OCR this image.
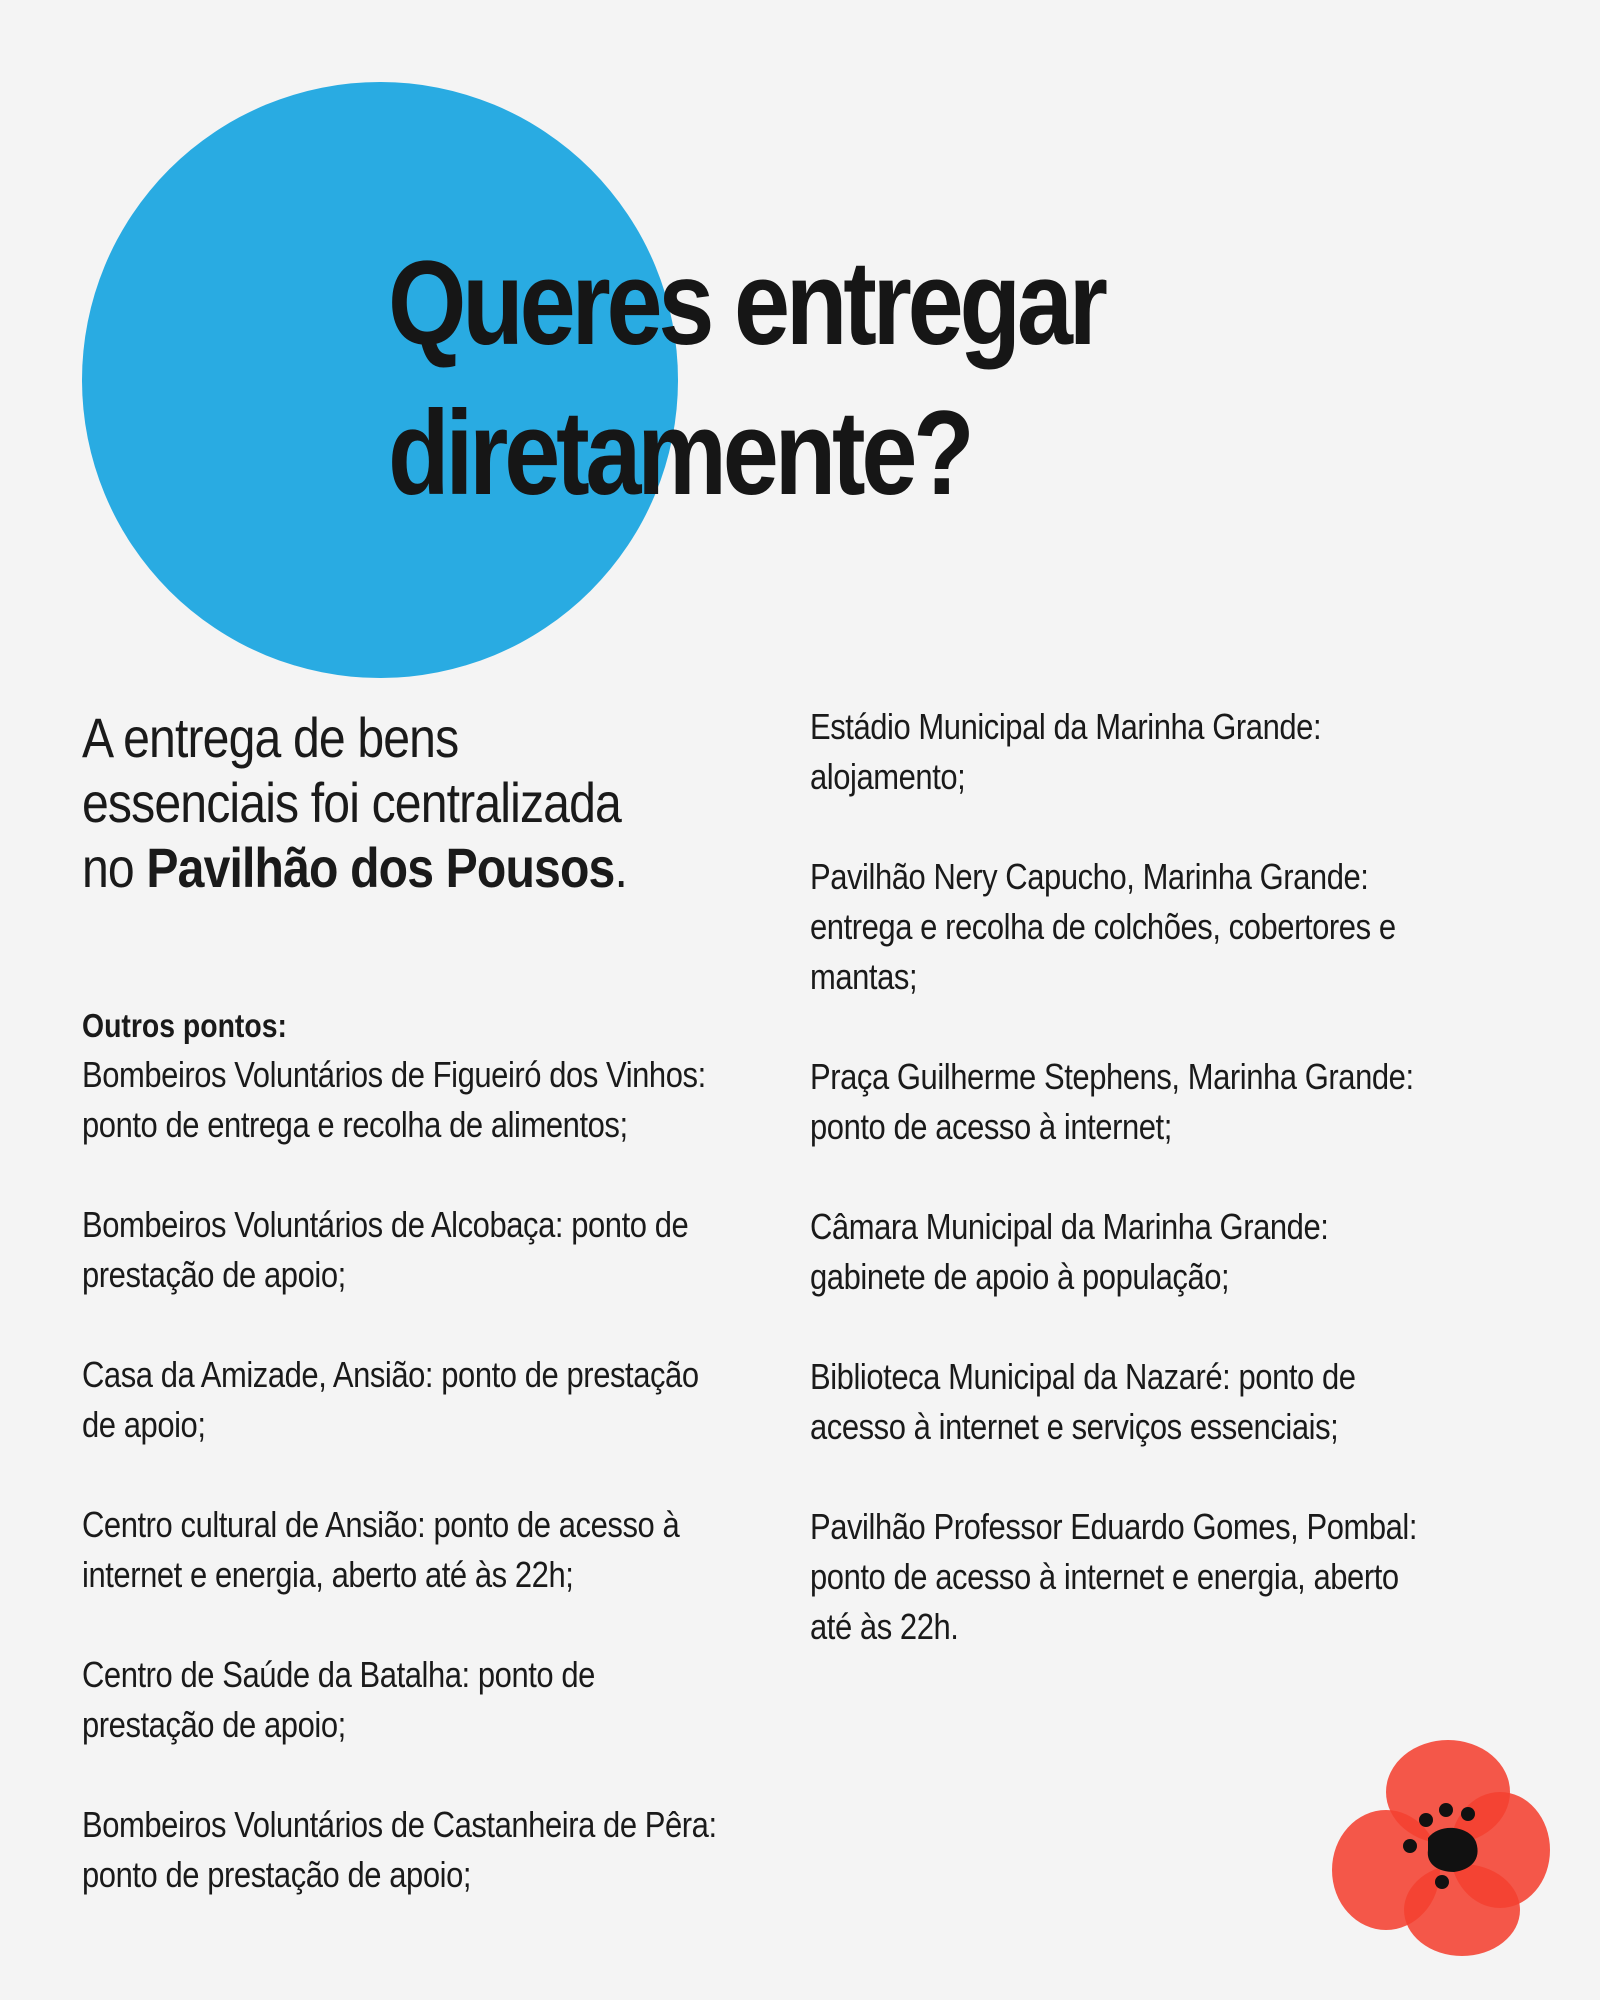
Queres entregar
diretamente?

A entrega de bens
essenciais foi centralizada
no Pavilhão dos Pousos.

Outros pontos:
Bombeiros Voluntários de Figueiró dos Vinhos:
ponto de entrega e recolha de alimentos;
Bombeiros Voluntários de Alcobaça: ponto de
prestação de apoio;
Casa da Amizade, Ansião: ponto de prestação
de apoio;
Centro cultural de Ansião: ponto de acesso à
internet e energia, aberto até às 22h;
Centro de Saúde da Batalha: ponto de
prestação de apoio;
Bombeiros Voluntários de Castanheira de Pêra:
ponto de prestação de apoio;
Estádio Municipal da Marinha Grande:
alojamento;
Pavilhão Nery Capucho, Marinha Grande:
entrega e recolha de colchões, cobertores e
mantas;
Praça Guilherme Stephens, Marinha Grande:
ponto de acesso à internet;
Câmara Municipal da Marinha Grande:
gabinete de apoio à população;
Biblioteca Municipal da Nazaré: ponto de
acesso à internet e serviços essenciais;
Pavilhão Professor Eduardo Gomes, Pombal:
ponto de acesso à internet e energia, aberto
até às 22h.
